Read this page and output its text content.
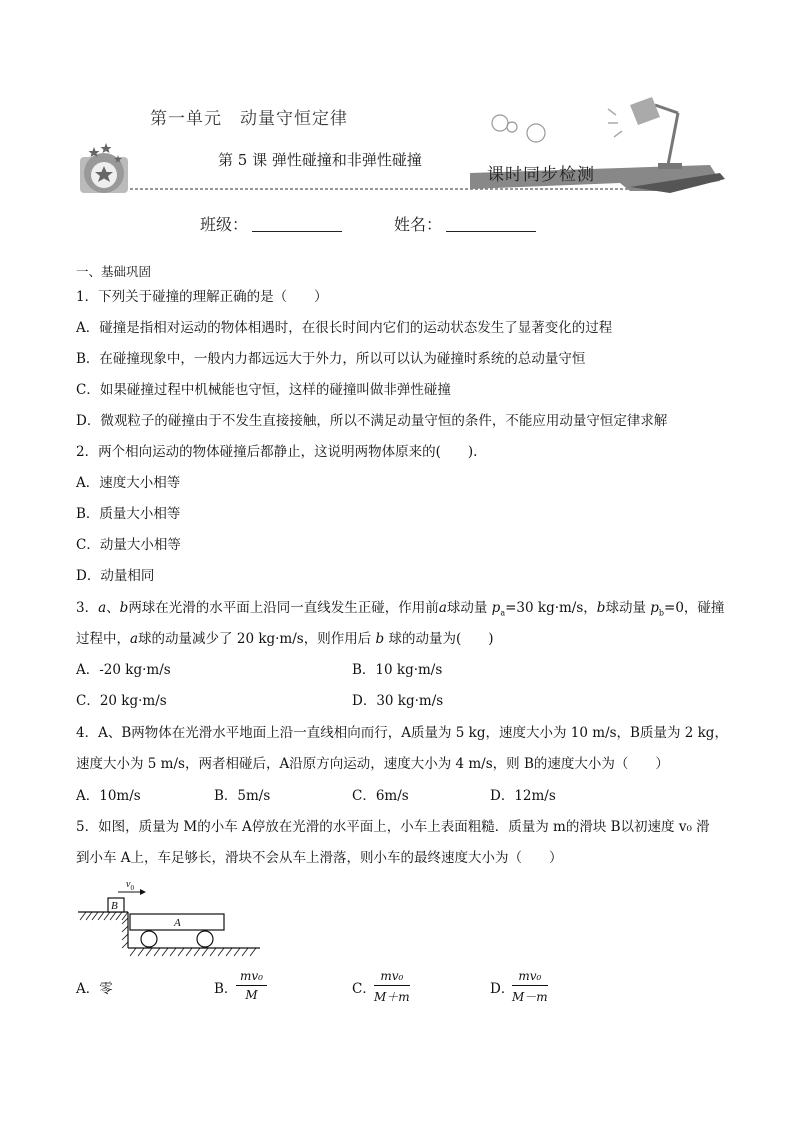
第一单元　动量守恒定律
第 5 课 弹性碰撞和非弹性碰撞
课时同步检测
班级：	姓名：
一、基础巩固
1．下列关于碰撞的理解正确的是（　　）
A．碰撞是指相对运动的物体相遇时，在很长时间内它们的运动状态发生了显著变化的过程
B．在碰撞现象中，一般内力都远远大于外力，所以可以认为碰撞时系统的总动量守恒
C．如果碰撞过程中机械能也守恒，这样的碰撞叫做非弹性碰撞
D．微观粒子的碰撞由于不发生直接接触，所以不满足动量守恒的条件，不能应用动量守恒定律求解
2．两个相向运动的物体碰撞后都静止，这说明两物体原来的(　　).
A．速度大小相等
B．质量大小相等
C．动量大小相等
D．动量相同
3．a、b两球在光滑的水平面上沿同一直线发生正碰，作用前a球动量 $p_a=30$ kg·m/s，b球动量 $p_b=0$，碰撞
过程中，a球的动量减少了 20 kg·m/s，则作用后 b 球的动量为(　　)
A．-20 kg·m/s	B．10 kg·m/s
C．20 kg·m/s	D．30 kg·m/s
4．A、B两物体在光滑水平地面上沿一直线相向而行，A质量为 5 kg，速度大小为 10 m/s，B质量为 2 kg，
速度大小为 5 m/s，两者相碰后，A沿原方向运动，速度大小为 4 m/s，则 B的速度大小为（　　）
A．10m/s	B．5m/s	C．6m/s	D．12m/s
5．如图，质量为 M的小车 A停放在光滑的水平面上，小车上表面粗糙．质量为 m的滑块 B以初速度 v₀ 滑
到小车 A上，车足够长，滑块不会从车上滑落，则小车的最终速度大小为（　　）
B
$v_0$
A
A．零	B．
$\frac{\text{mv₀}}{M}$	C．
$\frac{\text{mv₀}}{M+m}$	D．
$\frac{\text{mv₀}}{M-m}$
